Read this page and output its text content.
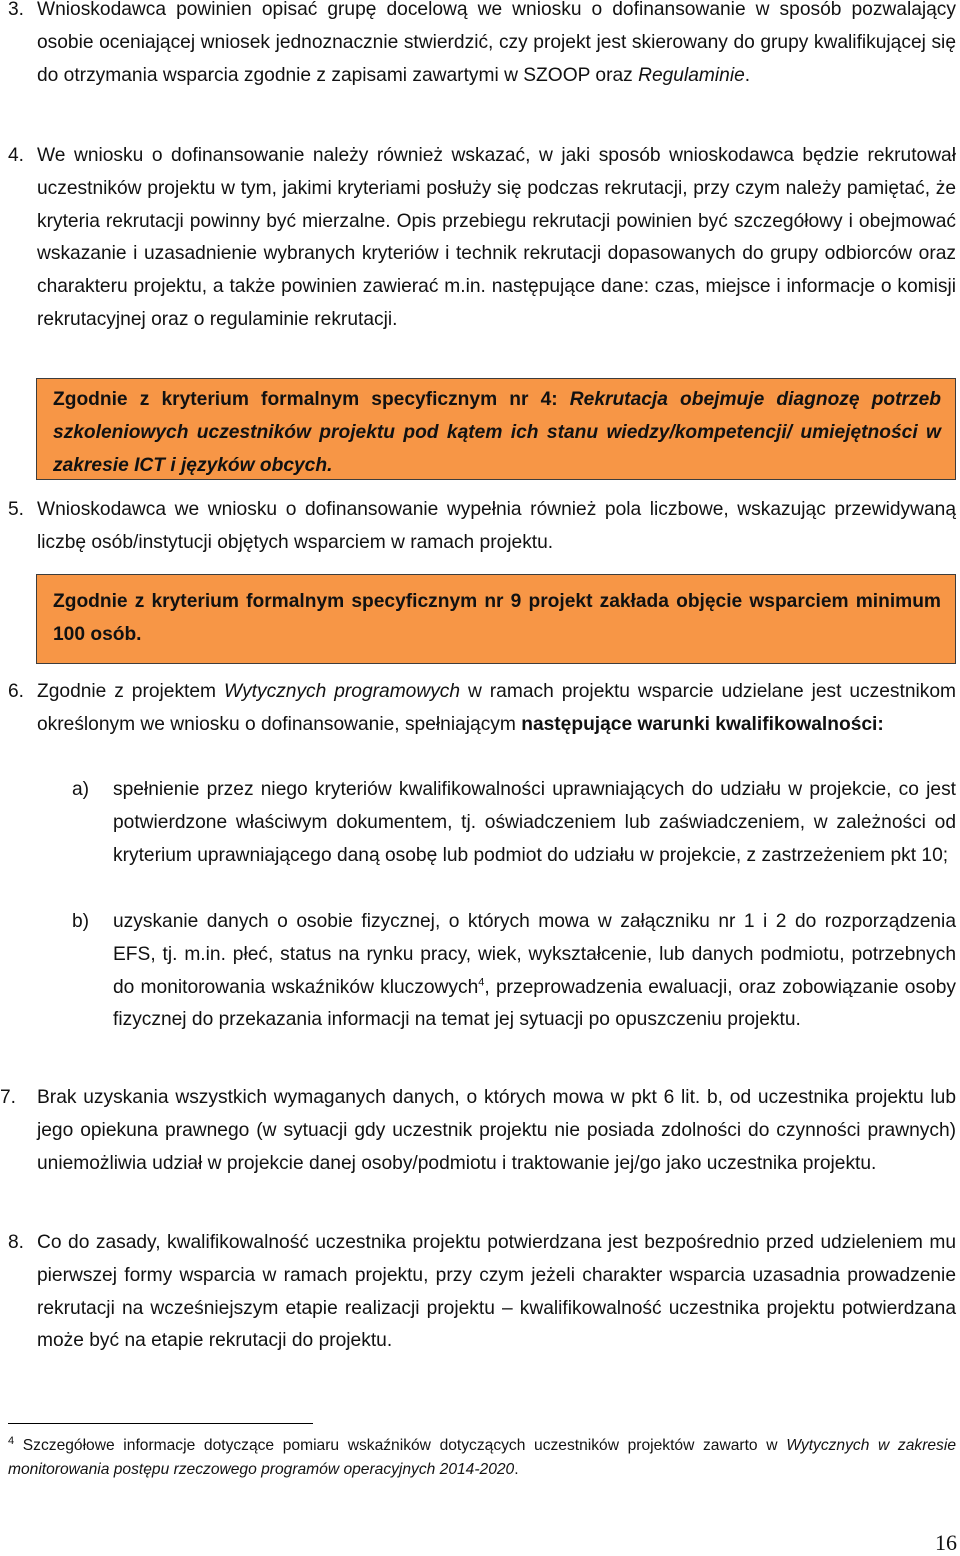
3. Wnioskodawca powinien opisać grupę docelową we wniosku o dofinansowanie w sposób pozwalający osobie oceniającej wniosek jednoznacznie stwierdzić, czy projekt jest skierowany do grupy kwalifikującej się do otrzymania wsparcia zgodnie z zapisami zawartymi w SZOOP oraz Regulaminie.

4. We wniosku o dofinansowanie należy również wskazać, w jaki sposób wnioskodawca będzie rekrutował uczestników projektu w tym, jakimi kryteriami posłuży się podczas rekrutacji, przy czym należy pamiętać, że kryteria rekrutacji powinny być mierzalne. Opis przebiegu rekrutacji powinien być szczegółowy i obejmować wskazanie i uzasadnienie wybranych kryteriów i technik rekrutacji dopasowanych do grupy odbiorców oraz charakteru projektu, a także powinien zawierać m.in. następujące dane: czas, miejsce i informacje o komisji rekrutacyjnej oraz o regulaminie rekrutacji.

Zgodnie z kryterium formalnym specyficznym nr 4: Rekrutacja obejmuje diagnozę potrzeb szkoleniowych uczestników projektu pod kątem ich stanu wiedzy/kompetencji/ umiejętności w zakresie ICT i języków obcych.

5. Wnioskodawca we wniosku o dofinansowanie wypełnia również pola liczbowe, wskazując przewidywaną liczbę osób/instytucji objętych wsparciem w ramach projektu.

Zgodnie z kryterium formalnym specyficznym nr 9 projekt zakłada objęcie wsparciem minimum 100 osób.

6. Zgodnie z projektem Wytycznych programowych w ramach projektu wsparcie udzielane jest uczestnikom określonym we wniosku o dofinansowanie, spełniającym następujące warunki kwalifikowalności:

a) spełnienie przez niego kryteriów kwalifikowalności uprawniających do udziału w projekcie, co jest potwierdzone właściwym dokumentem, tj. oświadczeniem lub zaświadczeniem, w zależności od kryterium uprawniającego daną osobę lub podmiot do udziału w projekcie, z zastrzeżeniem pkt 10;

b) uzyskanie danych o osobie fizycznej, o których mowa w załączniku nr 1 i 2 do rozporządzenia EFS, tj. m.in. płeć, status na rynku pracy, wiek, wykształcenie, lub danych podmiotu, potrzebnych do monitorowania wskaźników kluczowych$^4$, przeprowadzenia ewaluacji, oraz zobowiązanie osoby fizycznej do przekazania informacji na temat jej sytuacji po opuszczeniu projektu.

7. Brak uzyskania wszystkich wymaganych danych, o których mowa w pkt 6 lit. b, od uczestnika projektu lub jego opiekuna prawnego (w sytuacji gdy uczestnik projektu nie posiada zdolności do czynności prawnych) uniemożliwia udział w projekcie danej osoby/podmiotu i traktowanie jej/go jako uczestnika projektu.

8. Co do zasady, kwalifikowalność uczestnika projektu potwierdzana jest bezpośrednio przed udzieleniem mu pierwszej formy wsparcia w ramach projektu, przy czym jeżeli charakter wsparcia uzasadnia prowadzenie rekrutacji na wcześniejszym etapie realizacji projektu – kwalifikowalność uczestnika projektu potwierdzana może być na etapie rekrutacji do projektu.

$^4$ Szczegółowe informacje dotyczące pomiaru wskaźników dotyczących uczestników projektów zawarto w Wytycznych w zakresie monitorowania postępu rzeczowego programów operacyjnych 2014-2020.

16
